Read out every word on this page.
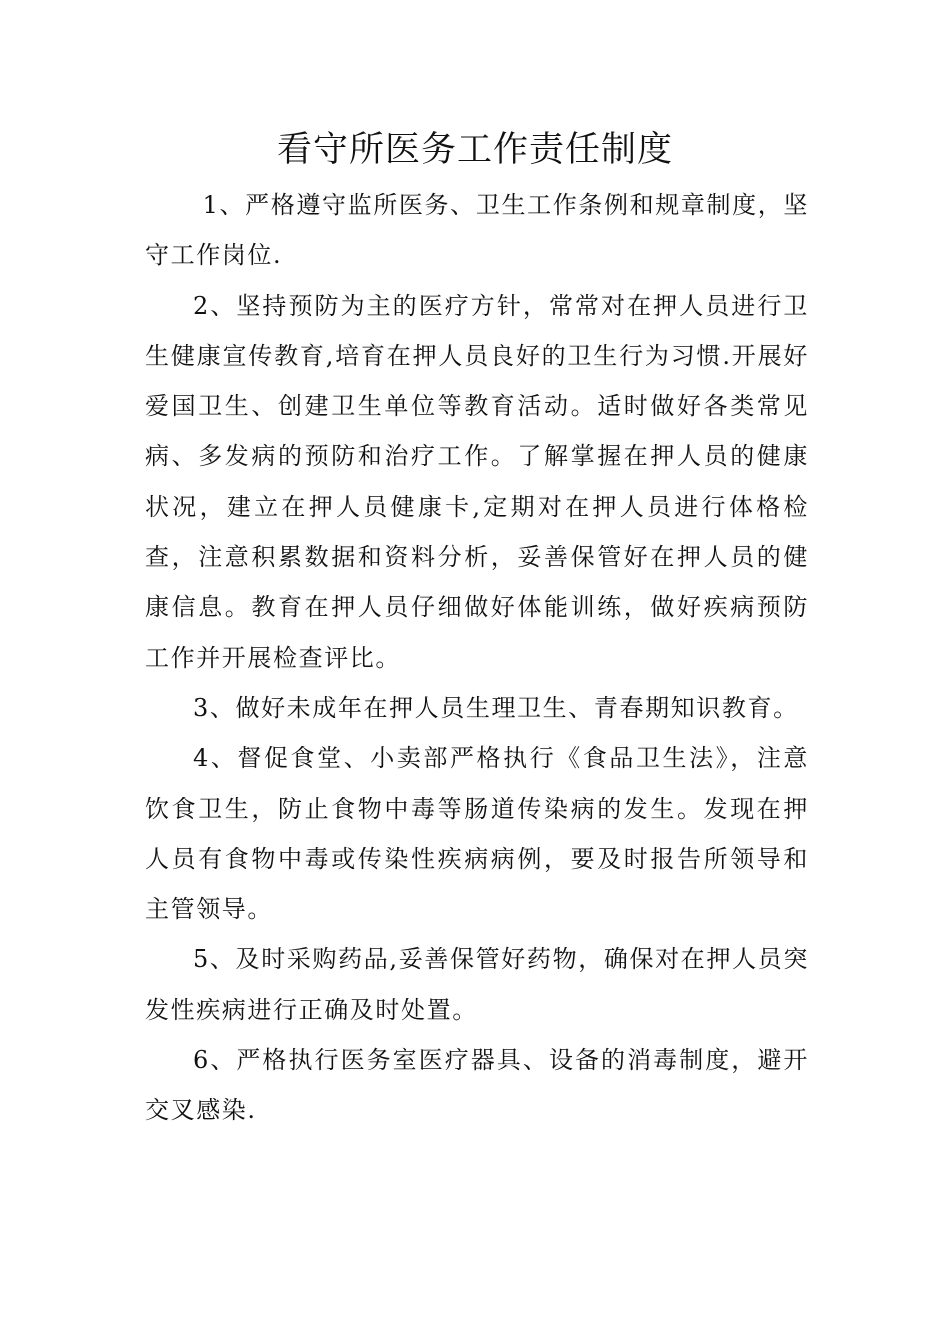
看守所医务工作责任制度

1、严格遵守监所医务、卫生工作条例和规章制度，坚守工作岗位.

2、坚持预防为主的医疗方针，常常对在押人员进行卫生健康宣传教育,培育在押人员良好的卫生行为习惯.开展好爱国卫生、创建卫生单位等教育活动。适时做好各类常见病、多发病的预防和治疗工作。了解掌握在押人员的健康状况，建立在押人员健康卡,定期对在押人员进行体格检查，注意积累数据和资料分析，妥善保管好在押人员的健康信息。教育在押人员仔细做好体能训练，做好疾病预防工作并开展检查评比。

3、做好未成年在押人员生理卫生、青春期知识教育。

4、督促食堂、小卖部严格执行《食品卫生法》，注意饮食卫生，防止食物中毒等肠道传染病的发生。发现在押人员有食物中毒或传染性疾病病例，要及时报告所领导和主管领导。

5、及时采购药品,妥善保管好药物，确保对在押人员突发性疾病进行正确及时处置。

6、严格执行医务室医疗器具、设备的消毒制度，避开交叉感染.
